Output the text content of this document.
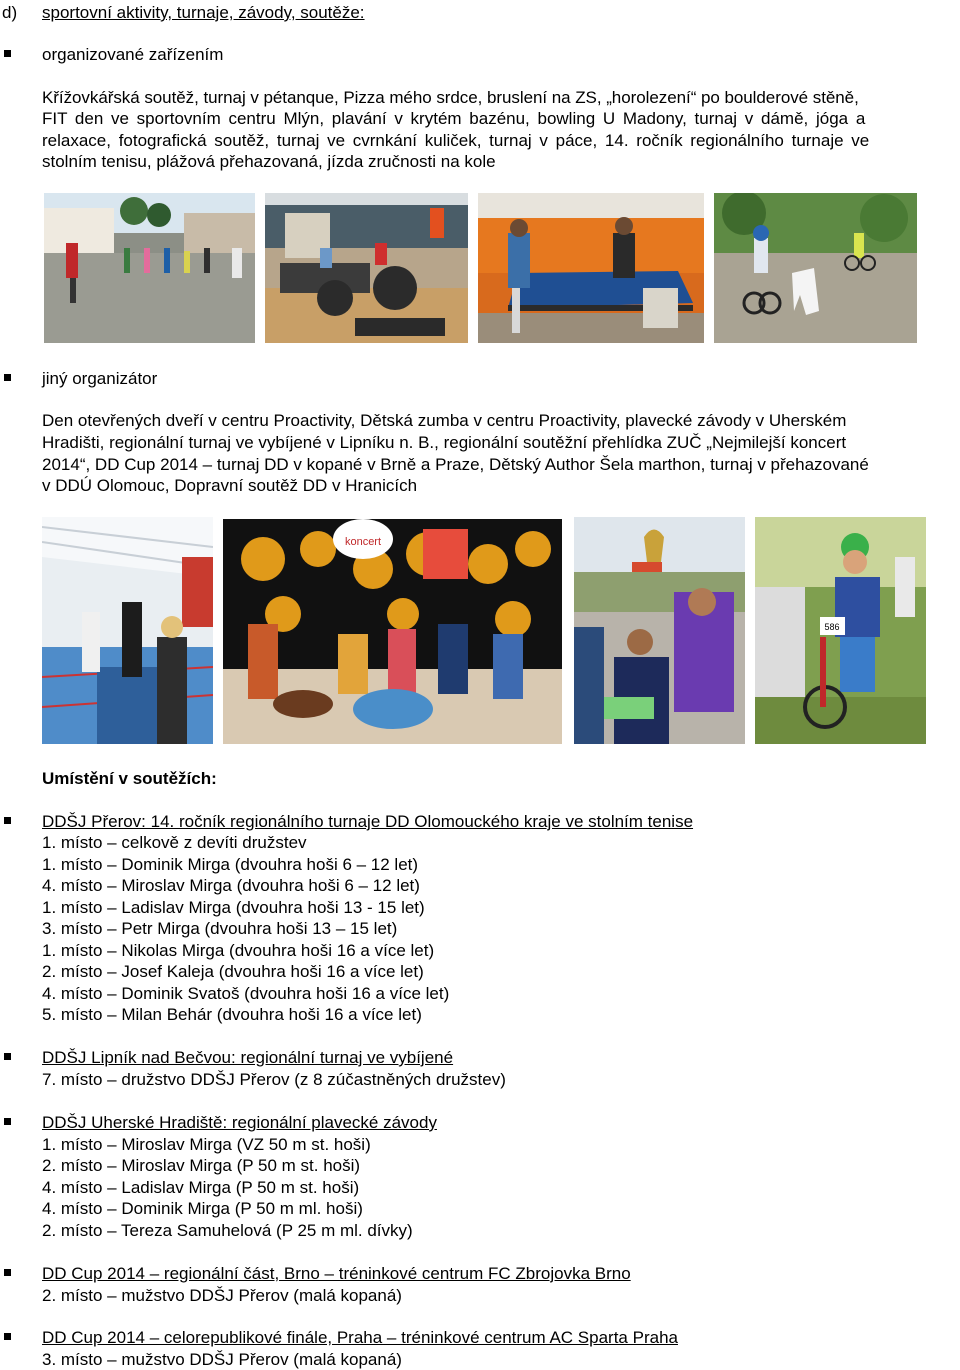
d) sportovní aktivity, turnaje, závody, soutěže:
organizované zařízením
Křížovkářská soutěž, turnaj v pétanque, Pizza mého srdce, bruslení na ZS, „horolezení“ po boulderové stěně,
FIT den ve sportovním centru Mlýn, plavání v krytém bazénu, bowling U Madony, turnaj v dámě, jóga a
relaxace, fotografická soutěž, turnaj ve cvrnkání kuliček, turnaj v páce, 14. ročník regionálního turnaje ve
stolním tenisu, plážová přehazovaná, jízda zručnosti na kole
jiný organizátor
Den otevřených dveří v centru Proactivity, Dětská zumba v centru Proactivity, plavecké závody v Uherském
Hradišti, regionální turnaj ve vybíjené v Lipníku n. B., regionální soutěžní přehlídka ZUČ „Nejmilejší koncert
2014“, DD Cup 2014 – turnaj DD v kopané v Brně a Praze, Dětský Author Šela marthon, turnaj v přehazované
v DDÚ Olomouc, Dopravní soutěž DD v Hranicích
koncert
586
Umístění v soutěžích:
DDŠJ Přerov: 14. ročník regionálního turnaje DD Olomouckého kraje ve stolním tenise
1. místo – celkově z devíti družstev
1. místo – Dominik Mirga (dvouhra hoši 6 – 12 let)
4. místo – Miroslav Mirga (dvouhra hoši 6 – 12 let)
1. místo – Ladislav Mirga (dvouhra hoši 13 - 15 let)
3. místo – Petr Mirga (dvouhra hoši 13 – 15 let)
1. místo – Nikolas Mirga (dvouhra hoši 16 a více let)
2. místo – Josef Kaleja (dvouhra hoši 16 a více let)
4. místo – Dominik Svatoš (dvouhra hoši 16 a více let)
5. místo – Milan Behár (dvouhra hoši 16 a více let)
DDŠJ Lipník nad Bečvou: regionální turnaj ve vybíjené
7. místo – družstvo DDŠJ Přerov (z 8 zúčastněných družstev)
DDŠJ Uherské Hradiště: regionální plavecké závody
1. místo – Miroslav Mirga (VZ 50 m st. hoši)
2. místo – Miroslav Mirga (P 50 m st. hoši)
4. místo – Ladislav Mirga (P 50 m st. hoši)
4. místo – Dominik Mirga (P 50 m ml. hoši)
2. místo – Tereza Samuhelová (P 25 m ml. dívky)
DD Cup 2014 – regionální část, Brno – tréninkové centrum FC Zbrojovka Brno
2. místo – mužstvo DDŠJ Přerov (malá kopaná)
DD Cup 2014 – celorepublikové finále, Praha – tréninkové centrum AC Sparta Praha
3. místo – mužstvo DDŠJ Přerov (malá kopaná)
